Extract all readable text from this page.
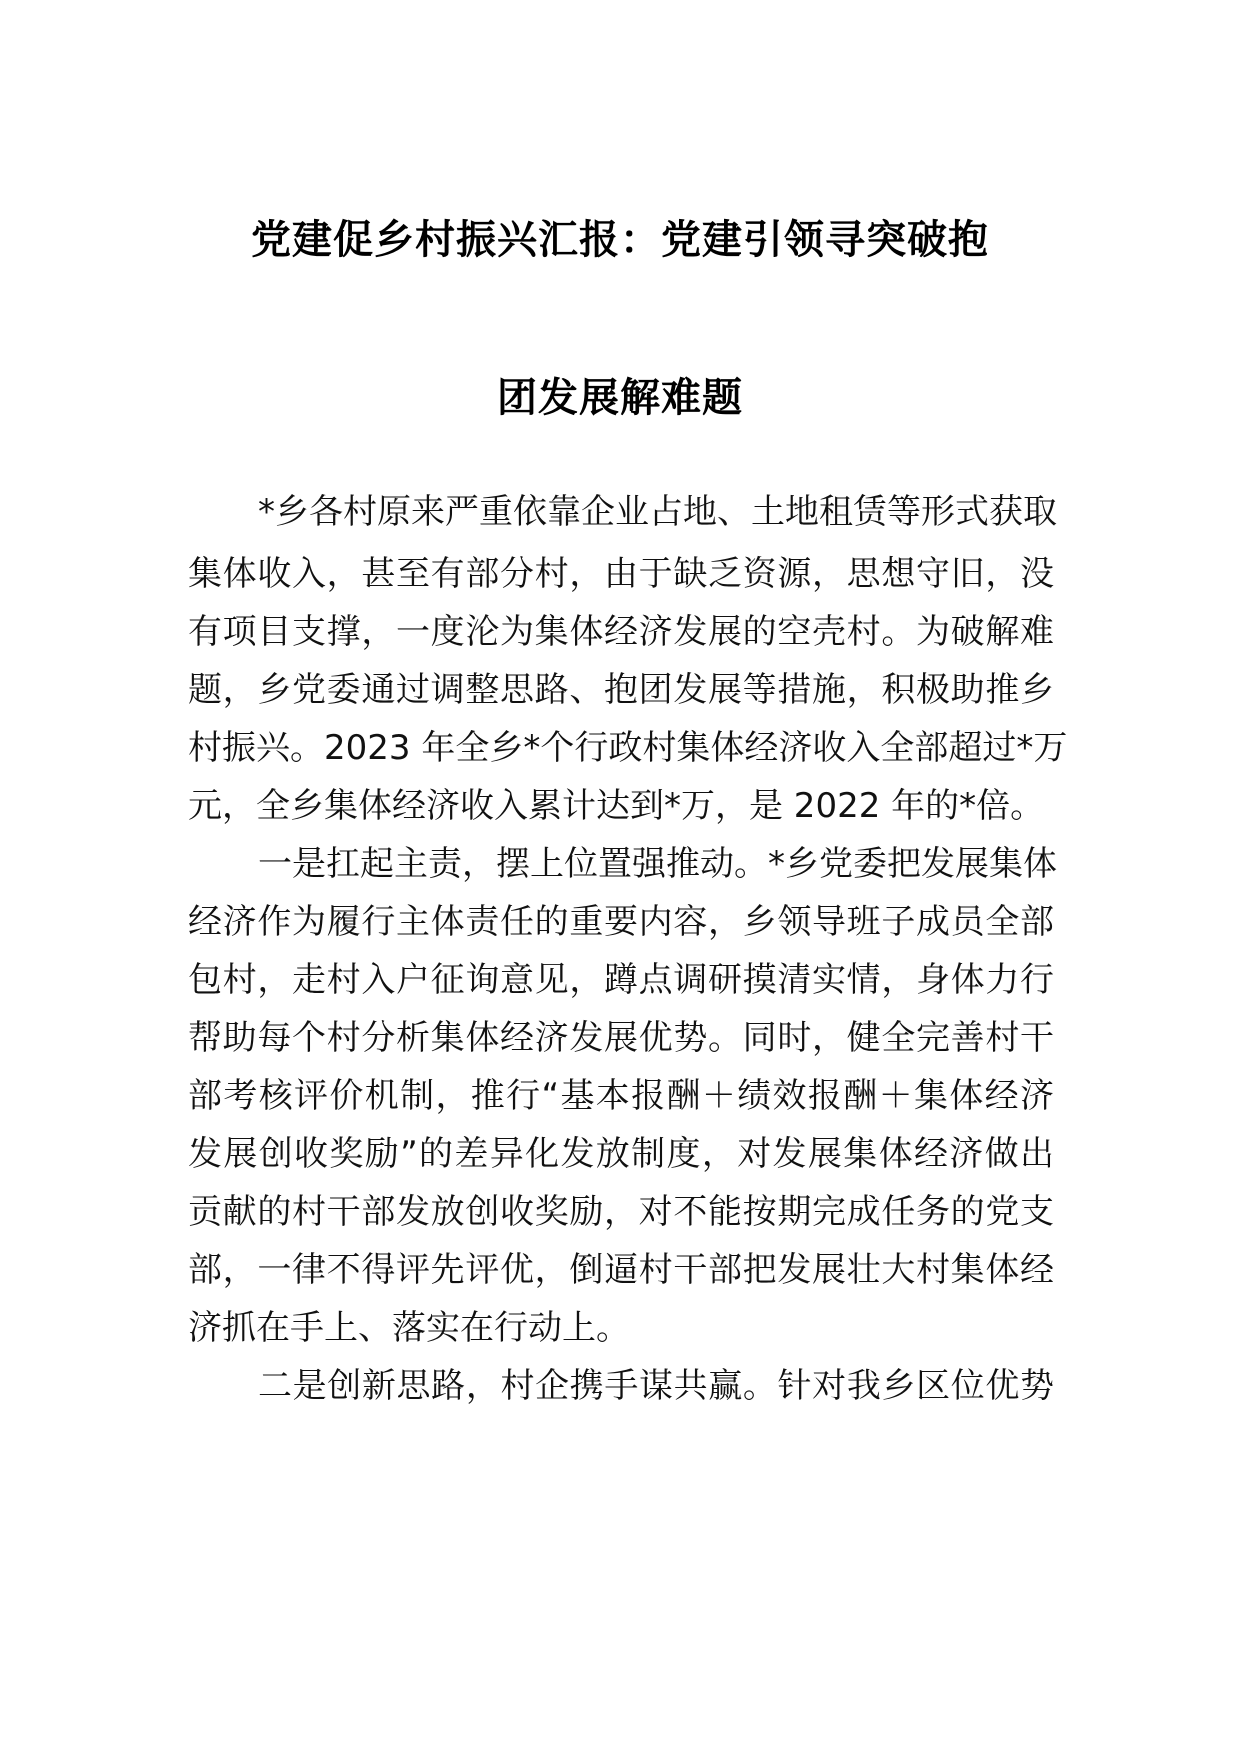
党建促乡村振兴汇报：党建引领寻突破抱
团发展解难题
*乡各村原来严重依靠企业占地、土地租赁等形式获取
集体收入，甚至有部分村，由于缺乏资源，思想守旧，没
有项目支撑，一度沦为集体经济发展的空壳村。为破解难
题，乡党委通过调整思路、抱团发展等措施，积极助推乡
村振兴。2023 年全乡*个行政村集体经济收入全部超过*万
元，全乡集体经济收入累计达到*万，是 2022 年的*倍。
一是扛起主责，摆上位置强推动。*乡党委把发展集体
经济作为履行主体责任的重要内容，乡领导班子成员全部
包村，走村入户征询意见，蹲点调研摸清实情，身体力行
帮助每个村分析集体经济发展优势。同时，健全完善村干
部考核评价机制，推行“基本报酬＋绩效报酬＋集体经济
发展创收奖励”的差异化发放制度，对发展集体经济做出
贡献的村干部发放创收奖励，对不能按期完成任务的党支
部，一律不得评先评优，倒逼村干部把发展壮大村集体经
济抓在手上、落实在行动上。
二是创新思路，村企携手谋共赢。针对我乡区位优势
